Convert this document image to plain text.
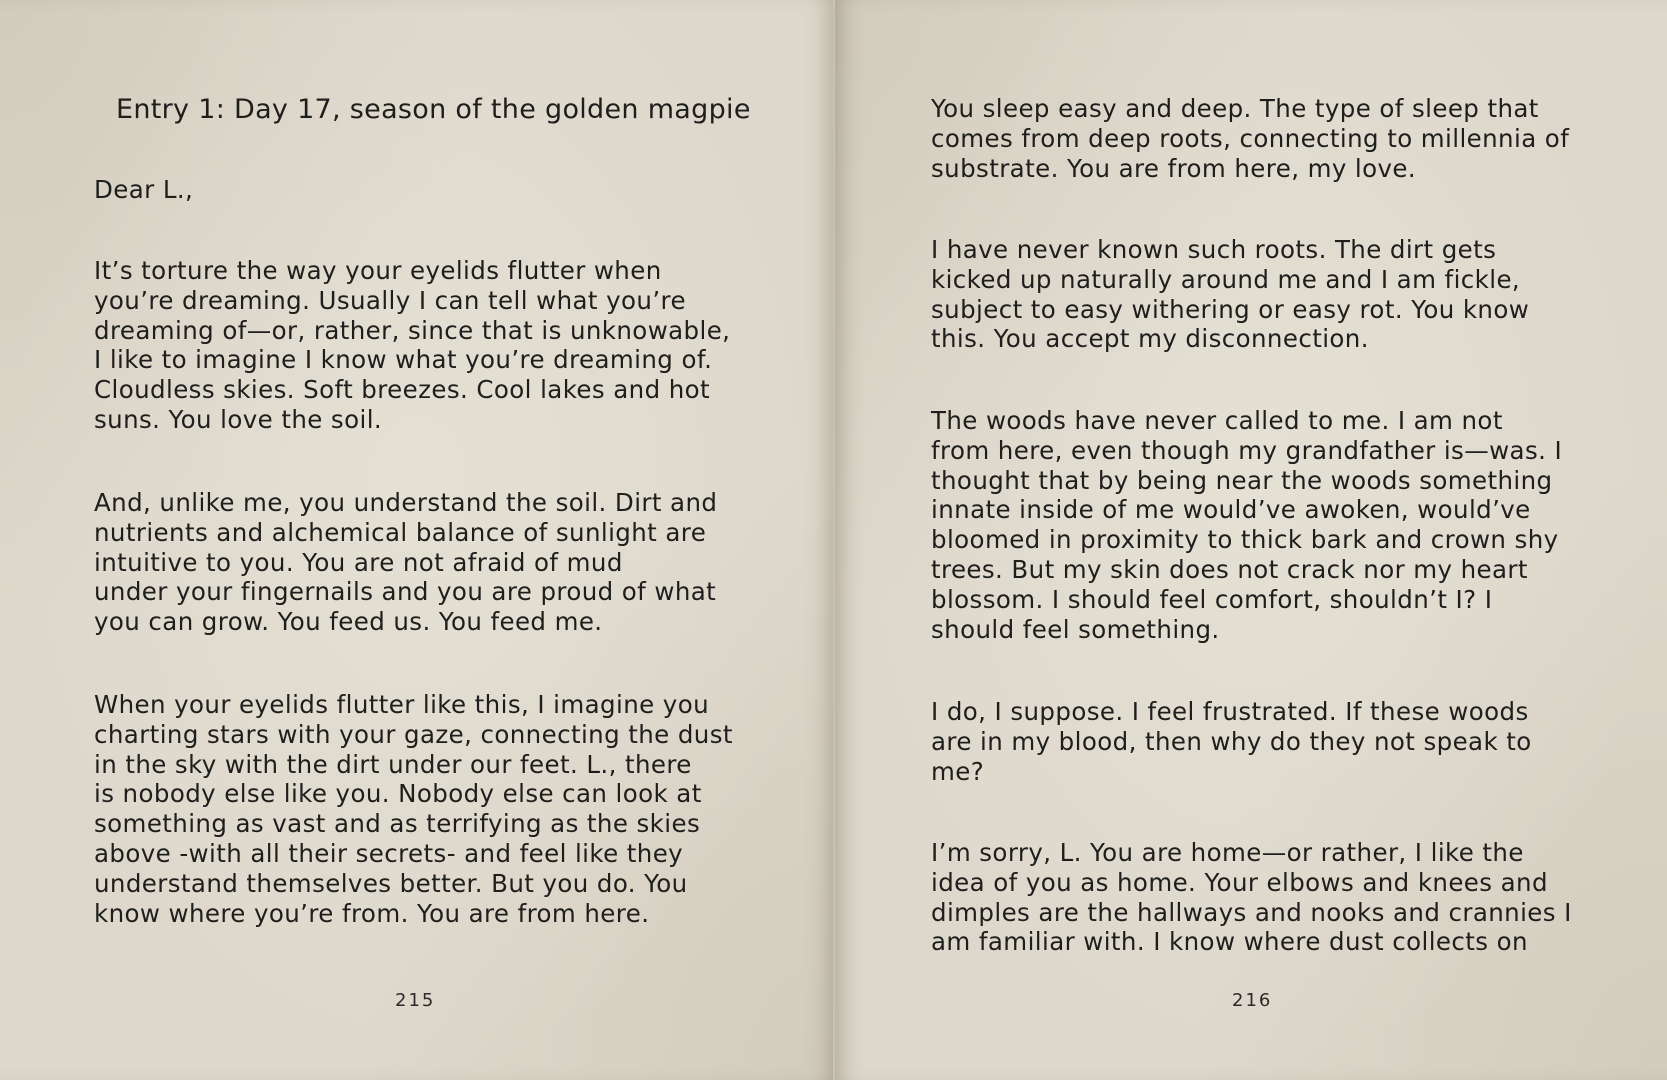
Entry 1: Day 17, season of the golden magpie
Dear L.,
It’s torture the way your eyelids flutter when
you’re dreaming. Usually I can tell what you’re
dreaming of—or, rather, since that is unknowable,
I like to imagine I know what you’re dreaming of.
Cloudless skies. Soft breezes. Cool lakes and hot
suns. You love the soil.
And, unlike me, you understand the soil. Dirt and
nutrients and alchemical balance of sunlight are
intuitive to you. You are not afraid of mud
under your fingernails and you are proud of what
you can grow. You feed us. You feed me.
When your eyelids flutter like this, I imagine you
charting stars with your gaze, connecting the dust
in the sky with the dirt under our feet. L., there
is nobody else like you. Nobody else can look at
something as vast and as terrifying as the skies
above -with all their secrets- and feel like they
understand themselves better. But you do. You
know where you’re from. You are from here.
215
You sleep easy and deep. The type of sleep that
comes from deep roots, connecting to millennia of
substrate. You are from here, my love.
I have never known such roots. The dirt gets
kicked up naturally around me and I am fickle,
subject to easy withering or easy rot. You know
this. You accept my disconnection.
The woods have never called to me. I am not
from here, even though my grandfather is—was. I
thought that by being near the woods something
innate inside of me would’ve awoken, would’ve
bloomed in proximity to thick bark and crown shy
trees. But my skin does not crack nor my heart
blossom. I should feel comfort, shouldn’t I? I
should feel something.
I do, I suppose. I feel frustrated. If these woods
are in my blood, then why do they not speak to
me?
I’m sorry, L. You are home—or rather, I like the
idea of you as home. Your elbows and knees and
dimples are the hallways and nooks and crannies I
am familiar with. I know where dust collects on
216
